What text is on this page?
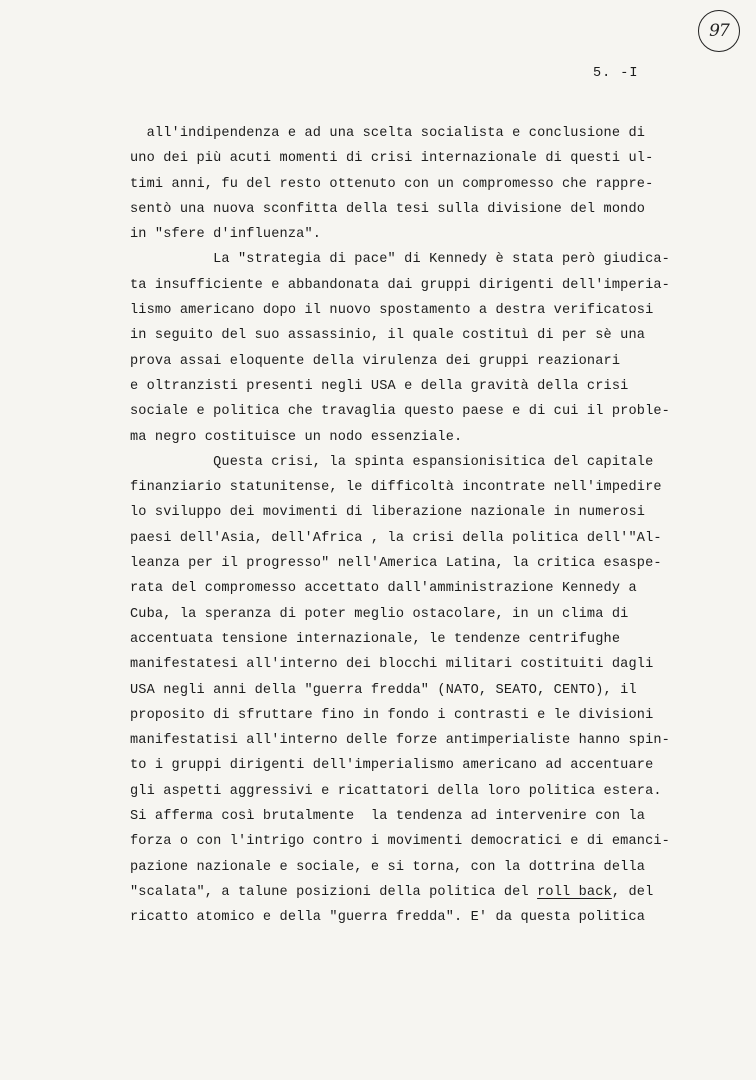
97
5. -I
all'indipendenza e ad una scelta socialista e conclusione di
uno dei più acuti momenti di crisi internazionale di questi ul-
timi anni, fu del resto ottenuto con un compromesso che rappre-
sentò una nuova sconfitta della tesi sulla divisione del mondo
in "sfere d'influenza".
La "strategia di pace" di Kennedy è stata però giudica-
ta insufficiente e abbandonata dai gruppi dirigenti dell'imperia-
lismo americano dopo il nuovo spostamento a destra verificatosi
in seguito del suo assassinio, il quale costituì di per sè una
prova assai eloquente della virulenza dei gruppi reazionari
e oltranzisti presenti negli USA e della gravità della crisi
sociale e politica che travaglia questo paese e di cui il proble-
ma negro costituisce un nodo essenziale.
Questa crisi, la spinta espansionisitica del capitale
finanziario statunitense, le difficoltà incontrate nell'impedire
lo sviluppo dei movimenti di liberazione nazionale in numerosi
paesi dell'Asia, dell'Africa , la crisi della politica dell'"Al-
leanza per il progresso" nell'America Latina, la critica esaspe-
rata del compromesso accettato dall'amministrazione Kennedy a
Cuba, la speranza di poter meglio ostacolare, in un clima di
accentuata tensione internazionale, le tendenze centrifughe
manifestatesi all'interno dei blocchi militari costituiti dagli
USA negli anni della "guerra fredda" (NATO, SEATO, CENTO), il
proposito di sfruttare fino in fondo i contrasti e le divisioni
manifestatisi all'interno delle forze antimperialiste hanno spin-
to i gruppi dirigenti dell'imperialismo americano ad accentuare
gli aspetti aggressivi e ricattatori della loro politica estera.
Si afferma così brutalmente  la tendenza ad intervenire con la
forza o con l'intrigo contro i movimenti democratici e di emanci-
pazione nazionale e sociale, e si torna, con la dottrina della
"scalata", a talune posizioni della politica del roll back, del
ricatto atomico e della "guerra fredda". E' da questa politica
